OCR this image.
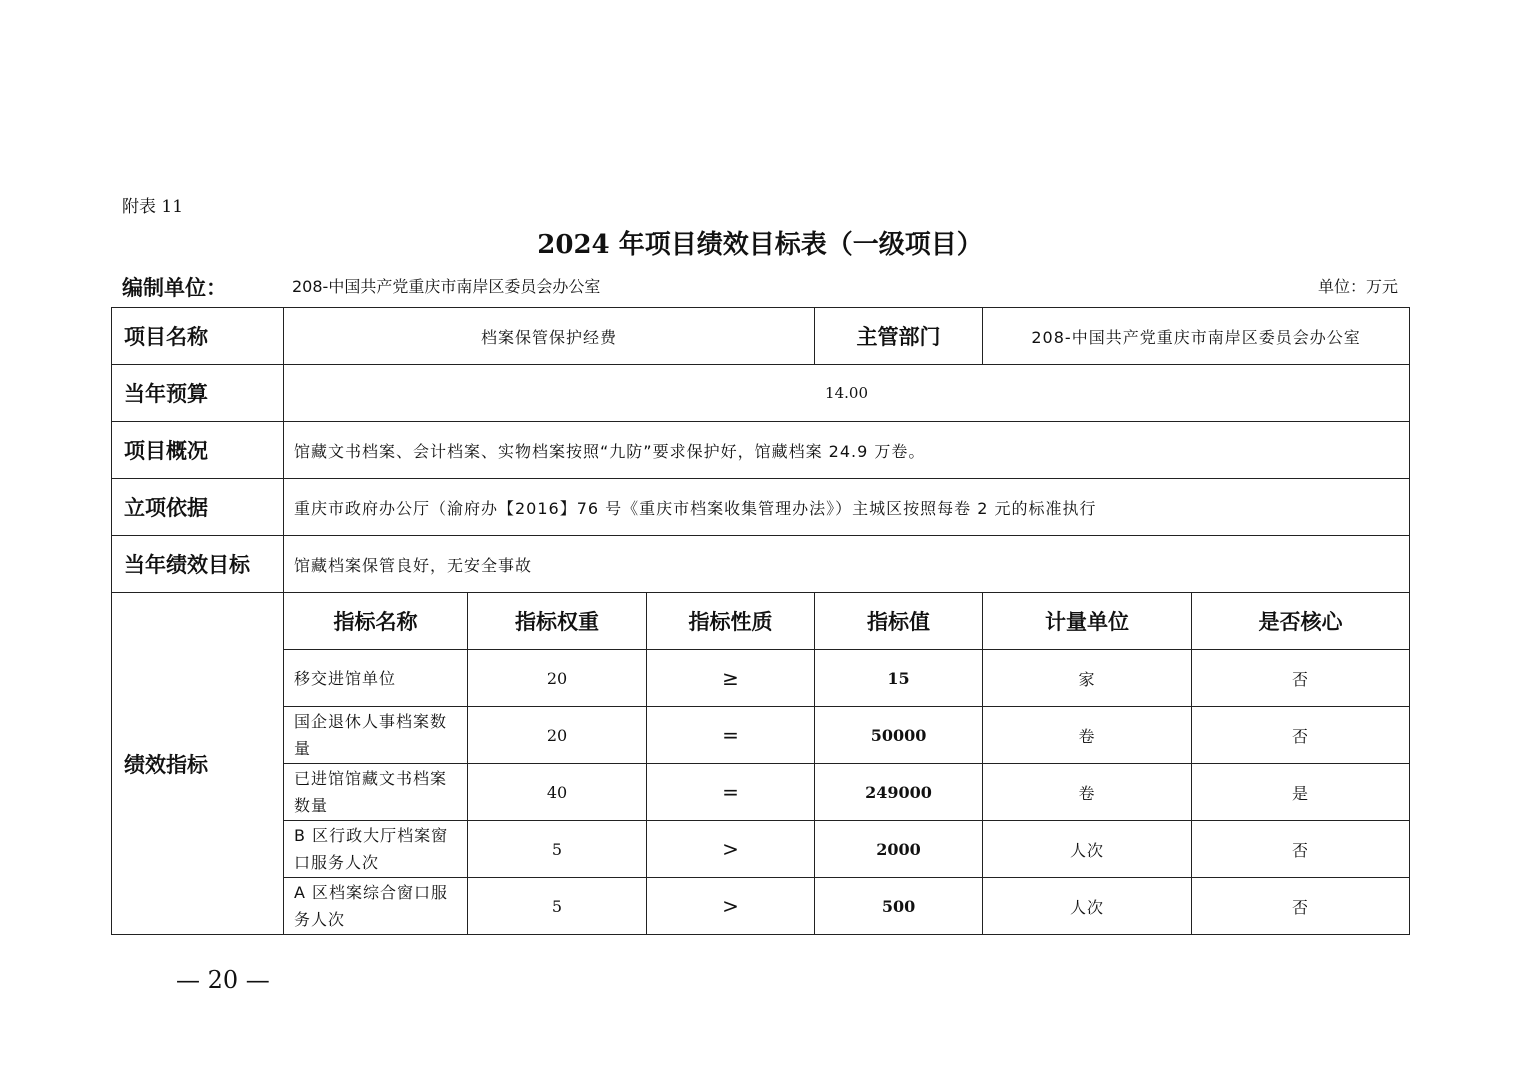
附表 11
2024 年项目绩效目标表（一级项目）
编制单位：	208-中国共产党重庆市南岸区委员会办公室	单位：万元
项目名称	档案保管保护经费			主管部门	208-中国共产党重庆市南岸区委员会办公室	
当年预算	14.00					
项目概况	馆藏文书档案、会计档案、实物档案按照“九防”要求保护好，馆藏档案 24.9 万卷。					
立项依据	重庆市政府办公厅（渝府办【2016】76 号《重庆市档案收集管理办法》）主城区按照每卷 2 元的标准执行					
当年绩效目标	馆藏档案保管良好，无安全事故					
绩效指标	指标名称	指标权重	指标性质	指标值	计量单位	是否核心
	移交进馆单位	20	≥	15	家	否
	国企退休人事档案数量	20	=	50000	卷	否
	已进馆馆藏文书档案数量	40	=	249000	卷	是
	B 区行政大厅档案窗口服务人次	5	>	2000	人次	否
	A 区档案综合窗口服务人次	5	>	500	人次	否
— 20 —
